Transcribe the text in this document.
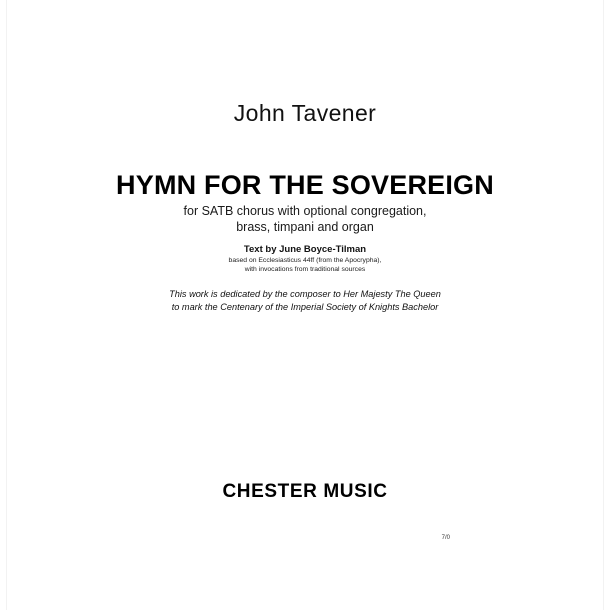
John Tavener
HYMN FOR THE SOVEREIGN
for SATB chorus with optional congregation,
brass, timpani and organ
Text by June Boyce-Tilman
based on Ecclesiasticus 44ff (from the Apocrypha),
with invocations from traditional sources
This work is dedicated by the composer to Her Majesty The Queen
to mark the Centenary of the Imperial Society of Knights Bachelor
CHESTER MUSIC
7/0
